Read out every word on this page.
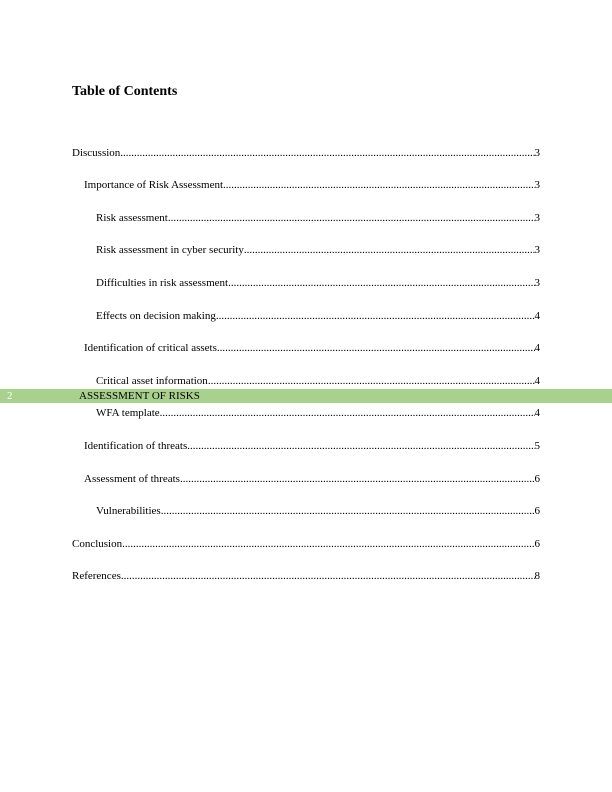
Table of Contents
Discussion .....	3
Importance of Risk Assessment .....	3
Risk assessment .....	3
Risk assessment in cyber security .....	3
Difficulties in risk assessment .....	3
Effects on decision making .....	4
Identification of critical assets .....	4
Critical asset information .....	4
WFA template .....	4
Identification of threats .....	5
Assessment of threats .....	6
Vulnerabilities .....	6
Conclusion .....	6
References .....	8
2	ASSESSMENT OF RISKS
